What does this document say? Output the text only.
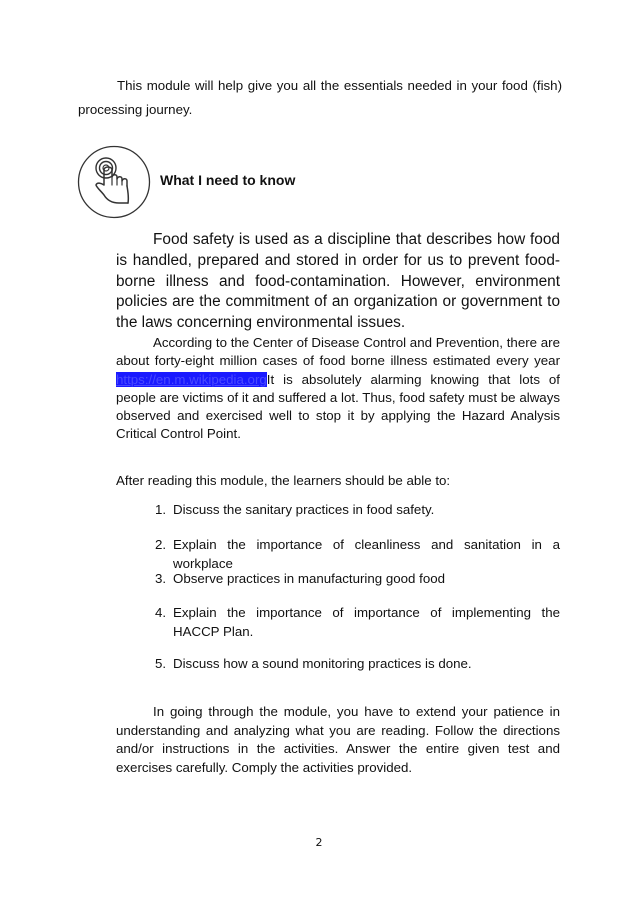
This module will help give you all the essentials needed in your food (fish) processing journey.

What I need to know

Food safety is used as a discipline that describes how food is handled, prepared and stored in order for us to prevent food-borne illness and food-contamination. However, environment policies are the commitment of an organization or government to the laws concerning environmental issues.

According to the Center of Disease Control and Prevention, there are about forty-eight million cases of food borne illness estimated every year https://en.m.wikipedia.orgIt is absolutely alarming knowing that lots of people are victims of it and suffered a lot. Thus, food safety must be always observed and exercised well to stop it by applying the Hazard Analysis Critical Control Point.

After reading this module, the learners should be able to:

1. Discuss the sanitary practices in food safety.
2. Explain the importance of cleanliness and sanitation in a workplace
3. Observe practices in manufacturing good food
4. Explain the importance of importance of implementing the HACCP Plan.
5. Discuss how a sound monitoring practices is done.

In going through the module, you have to extend your patience in understanding and analyzing what you are reading. Follow the directions and/or instructions in the activities. Answer the entire given test and exercises carefully. Comply the activities provided.

2
